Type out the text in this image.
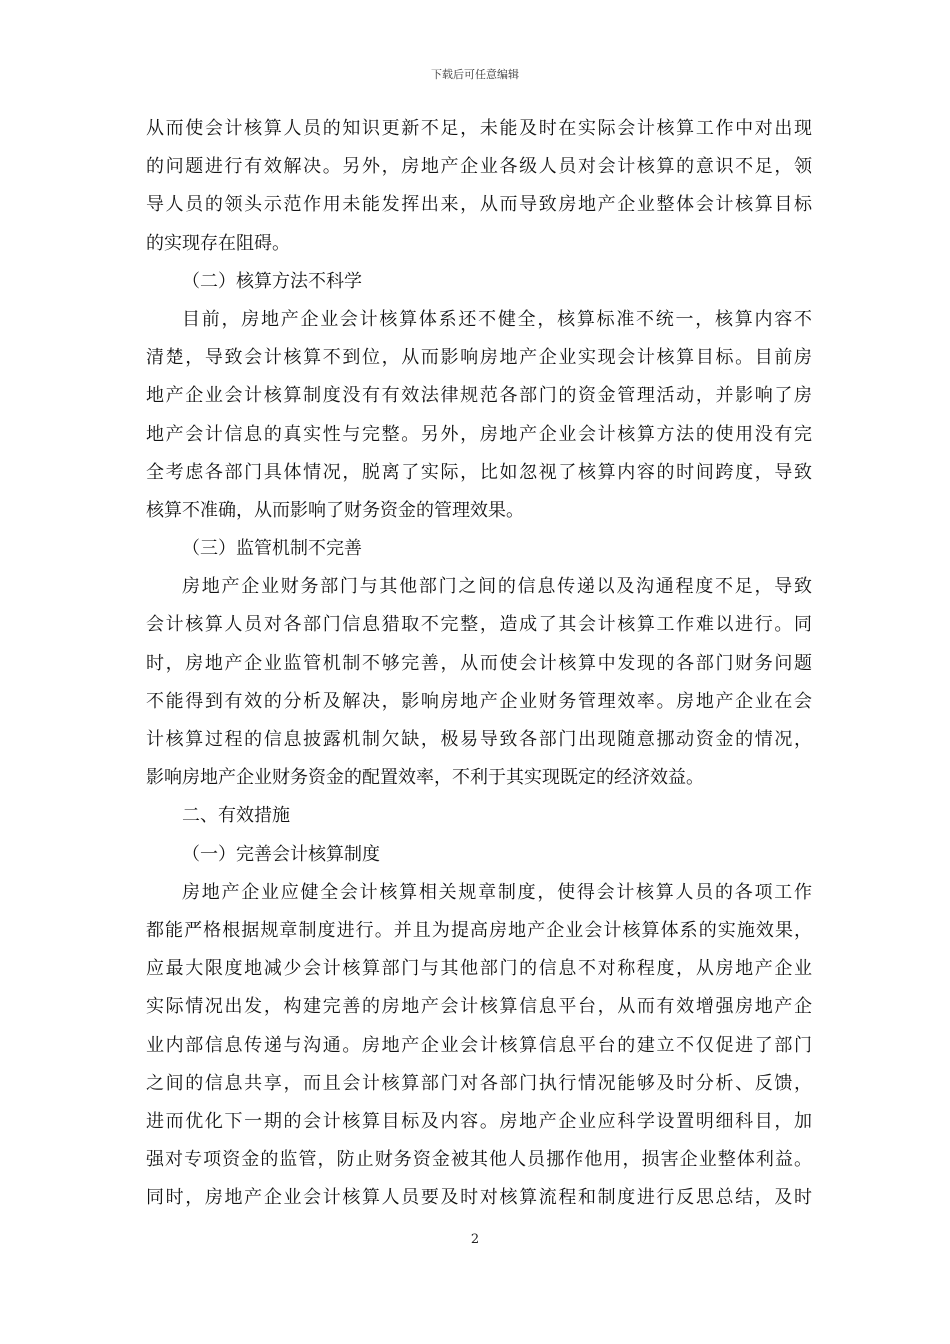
下载后可任意编辑
从而使会计核算人员的知识更新不足，未能及时在实际会计核算工作中对出现
的问题进行有效解决。另外，房地产企业各级人员对会计核算的意识不足，领
导人员的领头示范作用未能发挥出来，从而导致房地产企业整体会计核算目标
的实现存在阻碍。
（二）核算方法不科学
目前，房地产企业会计核算体系还不健全，核算标准不统一，核算内容不
清楚，导致会计核算不到位，从而影响房地产企业实现会计核算目标。目前房
地产企业会计核算制度没有有效法律规范各部门的资金管理活动，并影响了房
地产会计信息的真实性与完整。另外，房地产企业会计核算方法的使用没有完
全考虑各部门具体情况，脱离了实际，比如忽视了核算内容的时间跨度，导致
核算不准确，从而影响了财务资金的管理效果。
（三）监管机制不完善
房地产企业财务部门与其他部门之间的信息传递以及沟通程度不足，导致
会计核算人员对各部门信息猎取不完整，造成了其会计核算工作难以进行。同
时，房地产企业监管机制不够完善，从而使会计核算中发现的各部门财务问题
不能得到有效的分析及解决，影响房地产企业财务管理效率。房地产企业在会
计核算过程的信息披露机制欠缺，极易导致各部门出现随意挪动资金的情况，
影响房地产企业财务资金的配置效率，不利于其实现既定的经济效益。
二、有效措施
（一）完善会计核算制度
房地产企业应健全会计核算相关规章制度，使得会计核算人员的各项工作
都能严格根据规章制度进行。并且为提高房地产企业会计核算体系的实施效果，
应最大限度地减少会计核算部门与其他部门的信息不对称程度，从房地产企业
实际情况出发，构建完善的房地产会计核算信息平台，从而有效增强房地产企
业内部信息传递与沟通。房地产企业会计核算信息平台的建立不仅促进了部门
之间的信息共享，而且会计核算部门对各部门执行情况能够及时分析、反馈，
进而优化下一期的会计核算目标及内容。房地产企业应科学设置明细科目，加
强对专项资金的监管，防止财务资金被其他人员挪作他用，损害企业整体利益。
同时，房地产企业会计核算人员要及时对核算流程和制度进行反思总结，及时
2
